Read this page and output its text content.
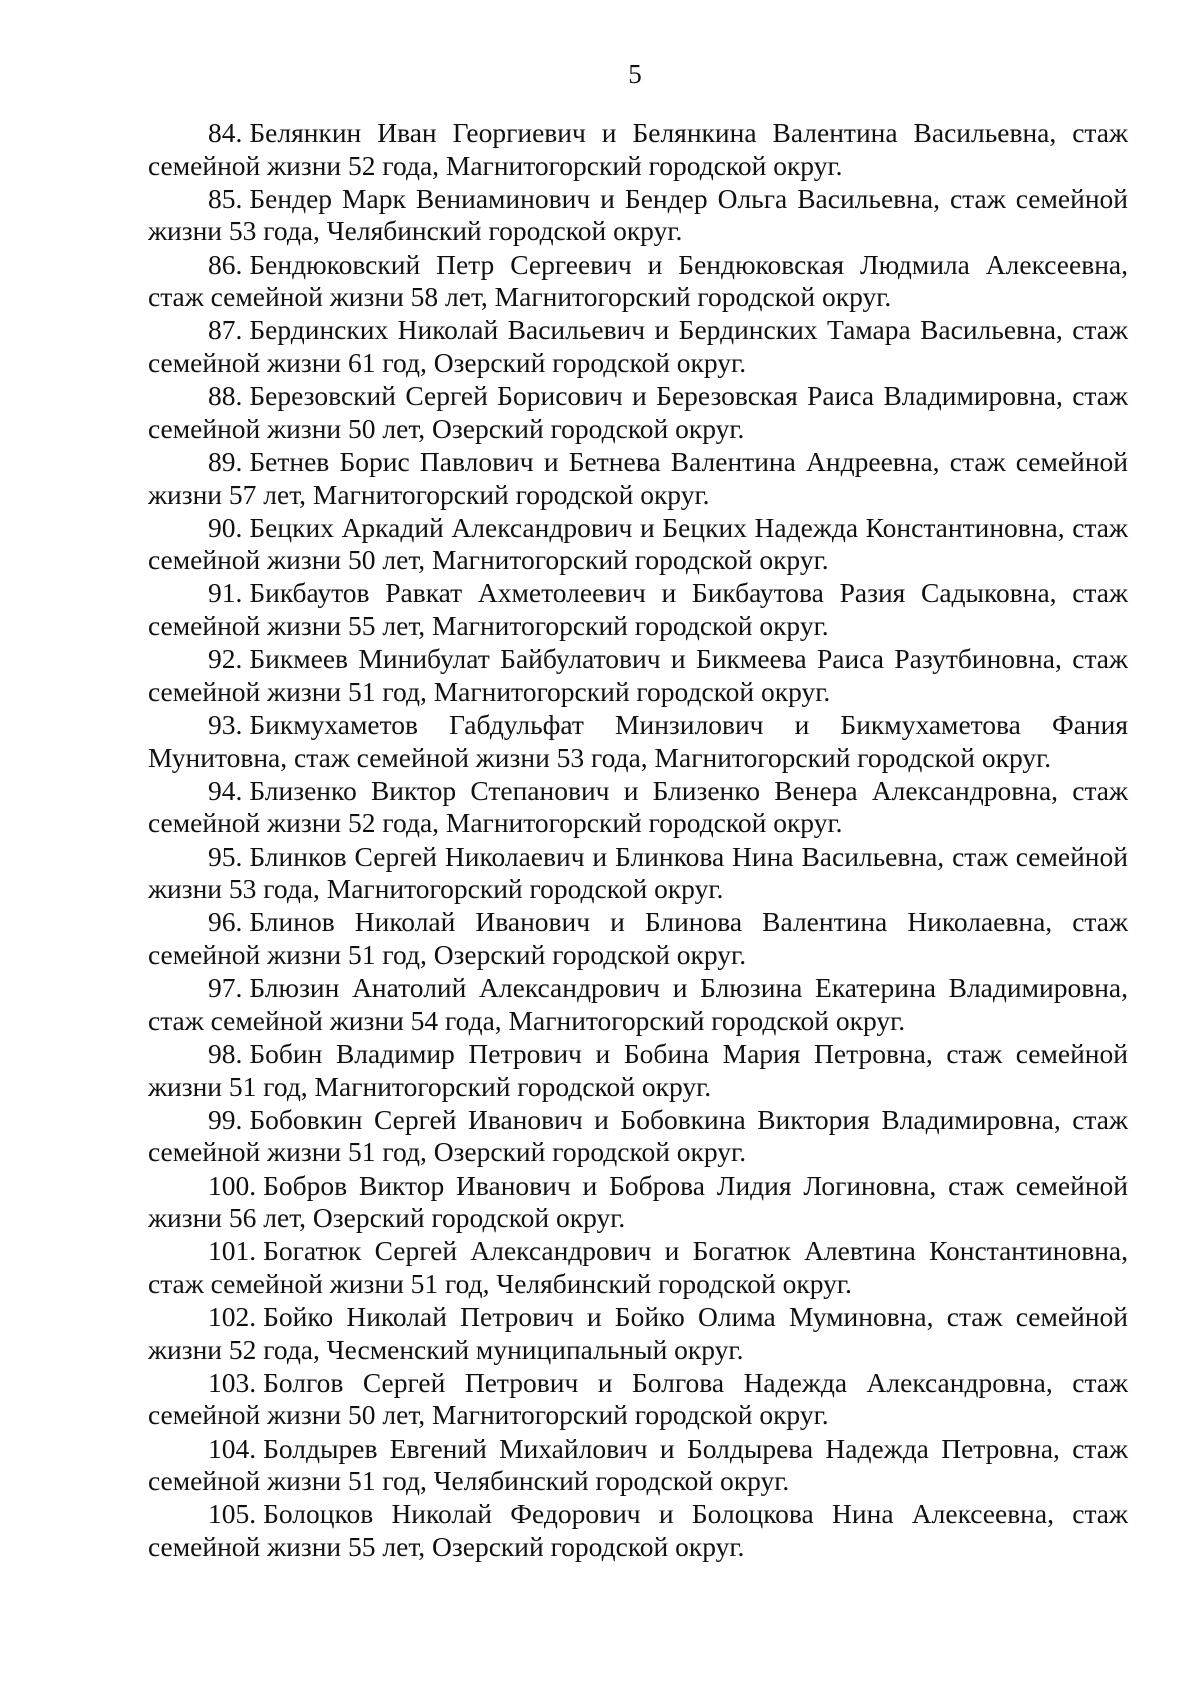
5

84. Белянкин Иван Георгиевич и Белянкина Валентина Васильевна, стаж семейной жизни 52 года, Магнитогорский городской округ.

85. Бендер Марк Вениаминович и Бендер Ольга Васильевна, стаж семейной жизни 53 года, Челябинский городской округ.

86. Бендюковский Петр Сергеевич и Бендюковская Людмила Алексеевна, стаж семейной жизни 58 лет, Магнитогорский городской округ.

87. Бердинских Николай Васильевич и Бердинских Тамара Васильевна, стаж семейной жизни 61 год, Озерский городской округ.

88. Березовский Сергей Борисович и Березовская Раиса Владимировна, стаж семейной жизни 50 лет, Озерский городской округ.

89. Бетнев Борис Павлович и Бетнева Валентина Андреевна, стаж семейной жизни 57 лет, Магнитогорский городской округ.

90. Бецких Аркадий Александрович и Бецких Надежда Константиновна, стаж семейной жизни 50 лет, Магнитогорский городской округ.

91. Бикбаутов Равкат Ахметолеевич и Бикбаутова Разия Садыковна, стаж семейной жизни 55 лет, Магнитогорский городской округ.

92. Бикмеев Минибулат Байбулатович и Бикмеева Раиса Разутбиновна, стаж семейной жизни 51 год, Магнитогорский городской округ.

93. Бикмухаметов Габдульфат Минзилович и Бикмухаметова Фания Мунитовна, стаж семейной жизни 53 года, Магнитогорский городской округ.

94. Близенко Виктор Степанович и Близенко Венера Александровна, стаж семейной жизни 52 года, Магнитогорский городской округ.

95. Блинков Сергей Николаевич и Блинкова Нина Васильевна, стаж семейной жизни 53 года, Магнитогорский городской округ.

96. Блинов Николай Иванович и Блинова Валентина Николаевна, стаж семейной жизни 51 год, Озерский городской округ.

97. Блюзин Анатолий Александрович и Блюзина Екатерина Владимировна, стаж семейной жизни 54 года, Магнитогорский городской округ.

98. Бобин Владимир Петрович и Бобина Мария Петровна, стаж семейной жизни 51 год, Магнитогорский городской округ.

99. Бобовкин Сергей Иванович и Бобовкина Виктория Владимировна, стаж семейной жизни 51 год, Озерский городской округ.

100. Бобров Виктор Иванович и Боброва Лидия Логиновна, стаж семейной жизни 56 лет, Озерский городской округ.

101. Богатюк Сергей Александрович и Богатюк Алевтина Константиновна, стаж семейной жизни 51 год, Челябинский городской округ.

102. Бойко Николай Петрович и Бойко Олима Муминовна, стаж семейной жизни 52 года, Чесменский муниципальный округ.

103. Болгов Сергей Петрович и Болгова Надежда Александровна, стаж семейной жизни 50 лет, Магнитогорский городской округ.

104. Болдырев Евгений Михайлович и Болдырева Надежда Петровна, стаж семейной жизни 51 год, Челябинский городской округ.

105. Болоцков Николай Федорович и Болоцкова Нина Алексеевна, стаж семейной жизни 55 лет, Озерский городской округ.
